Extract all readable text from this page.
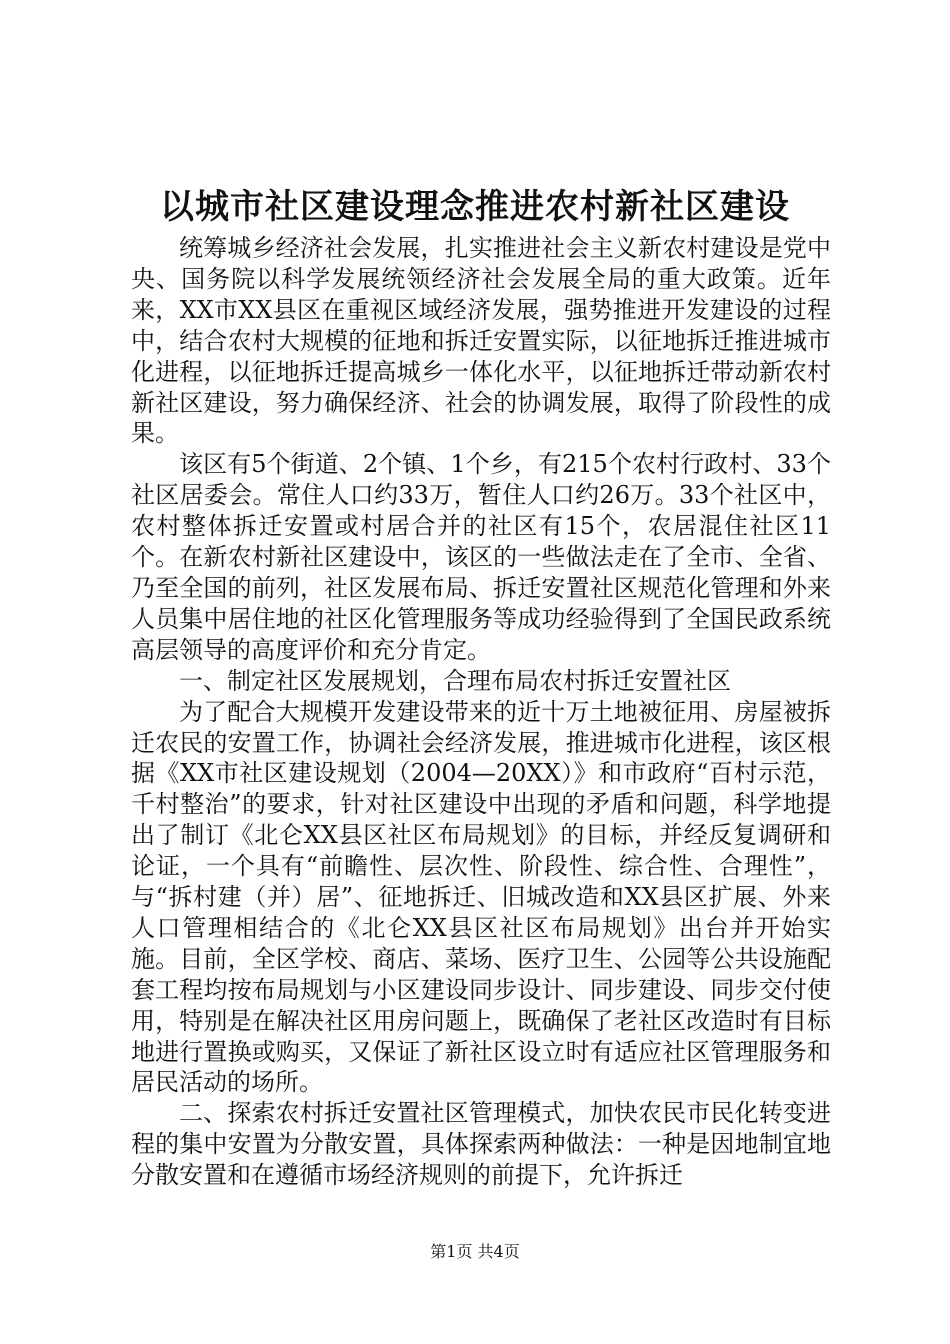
以城市社区建设理念推进农村新社区建设

统筹城乡经济社会发展，扎实推进社会主义新农村建设是党中央、国务院以科学发展统领经济社会发展全局的重大政策。近年来，XX市XX县区在重视区域经济发展，强势推进开发建设的过程中，结合农村大规模的征地和拆迁安置实际，以征地拆迁推进城市化进程，以征地拆迁提高城乡一体化水平，以征地拆迁带动新农村新社区建设，努力确保经济、社会的协调发展，取得了阶段性的成果。

该区有5个街道、2个镇、1个乡，有215个农村行政村、33个社区居委会。常住人口约33万，暂住人口约26万。33个社区中，农村整体拆迁安置或村居合并的社区有15个，农居混住社区11个。在新农村新社区建设中，该区的一些做法走在了全市、全省、乃至全国的前列，社区发展布局、拆迁安置社区规范化管理和外来人员集中居住地的社区化管理服务等成功经验得到了全国民政系统高层领导的高度评价和充分肯定。

一、制定社区发展规划，合理布局农村拆迁安置社区

为了配合大规模开发建设带来的近十万土地被征用、房屋被拆迁农民的安置工作，协调社会经济发展，推进城市化进程，该区根据《XX市社区建设规划（2004—20XX）》和市政府“百村示范，千村整治”的要求，针对社区建设中出现的矛盾和问题，科学地提出了制订《北仑XX县区社区布局规划》的目标，并经反复调研和论证，一个具有“前瞻性、层次性、阶段性、综合性、合理性”，与“拆村建（并）居”、征地拆迁、旧城改造和XX县区扩展、外来人口管理相结合的《北仑XX县区社区布局规划》出台并开始实施。目前，全区学校、商店、菜场、医疗卫生、公园等公共设施配套工程均按布局规划与小区建设同步设计、同步建设、同步交付使用，特别是在解决社区用房问题上，既确保了老社区改造时有目标地进行置换或购买，又保证了新社区设立时有适应社区管理服务和居民活动的场所。

二、探索农村拆迁安置社区管理模式，加快农民市民化转变进程的集中安置为分散安置，具体探索两种做法：一种是因地制宜地分散安置和在遵循市场经济规则的前提下，允许拆迁

第1页 共4页
